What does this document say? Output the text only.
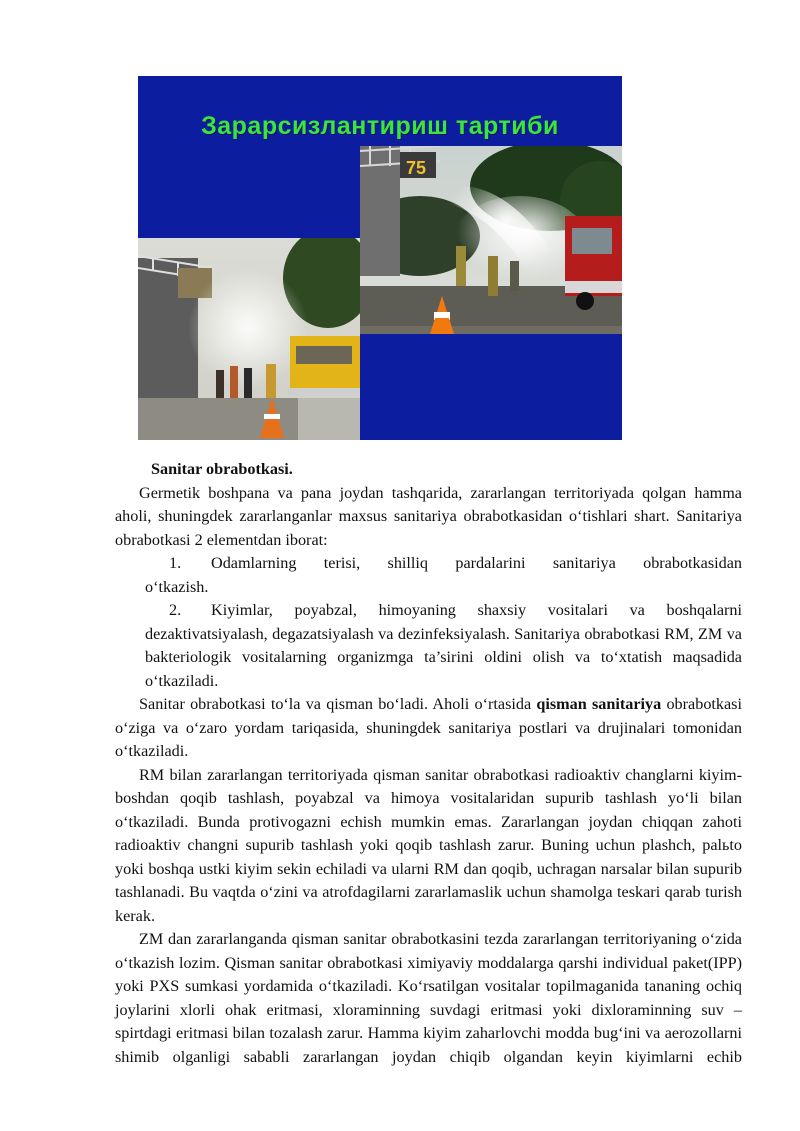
Зарарсизлантириш тартиби
75

Sanitar obrabotkasi.

Germetik boshpana va pana joydan tashqarida, zararlangan territoriyada qolgan hamma aholi, shuningdek zararlanganlar maxsus sanitariya obrabotkasidan o‘tishlari shart. Sanitariya obrabotkasi 2 elementdan iborat:

1. Odamlarning terisi, shilliq pardalarini sanitariya obrabotkasidan
o‘tkazish.
2. Kiyimlar, poyabzal, himoyaning shaxsiy vositalari va boshqalarni

dezaktivatsiyalash, degazatsiyalash va dezinfeksiyalash. Sanitariya obrabotkasi RM, ZM va bakteriologik vositalarning organizmga ta’sirini oldini olish va to‘xtatish maqsadida o‘tkaziladi.

Sanitar obrabotkasi to‘la va qisman bo‘ladi. Aholi o‘rtasida qisman sanitariya obrabotkasi o‘ziga va o‘zaro yordam tariqasida, shuningdek sanitariya postlari va drujinalari tomonidan o‘tkaziladi.

RM bilan zararlangan territoriyada qisman sanitar obrabotkasi radioaktiv changlarni kiyim-boshdan qoqib tashlash, poyabzal va himoya vositalaridan supurib tashlash yo‘li bilan o‘tkaziladi. Bunda protivogazni echish mumkin emas. Zararlangan joydan chiqqan zahoti radioaktiv changni supurib tashlash yoki qoqib tashlash zarur. Buning uchun plashch, palьto yoki boshqa ustki kiyim sekin echiladi va ularni RM dan qoqib, uchragan narsalar bilan supurib tashlanadi. Bu vaqtda o‘zini va atrofdagilarni zararlamaslik uchun shamolga teskari qarab turish kerak.

ZM dan zararlanganda qisman sanitar obrabotkasini tezda zararlangan territoriyaning o‘zida o‘tkazish lozim. Qisman sanitar obrabotkasi ximiyaviy moddalarga qarshi individual paket(IPP) yoki PXS sumkasi yordamida o‘tkaziladi. Ko‘rsatilgan vositalar topilmaganida tananing ochiq joylarini xlorli ohak eritmasi, xloraminning suvdagi eritmasi yoki dixloraminning suv – spirtdagi eritmasi bilan tozalash zarur. Hamma kiyim zaharlovchi modda bug‘ini va aerozollarni shimib olganligi sababli zararlangan joydan chiqib olgandan keyin kiyimlarni echib
